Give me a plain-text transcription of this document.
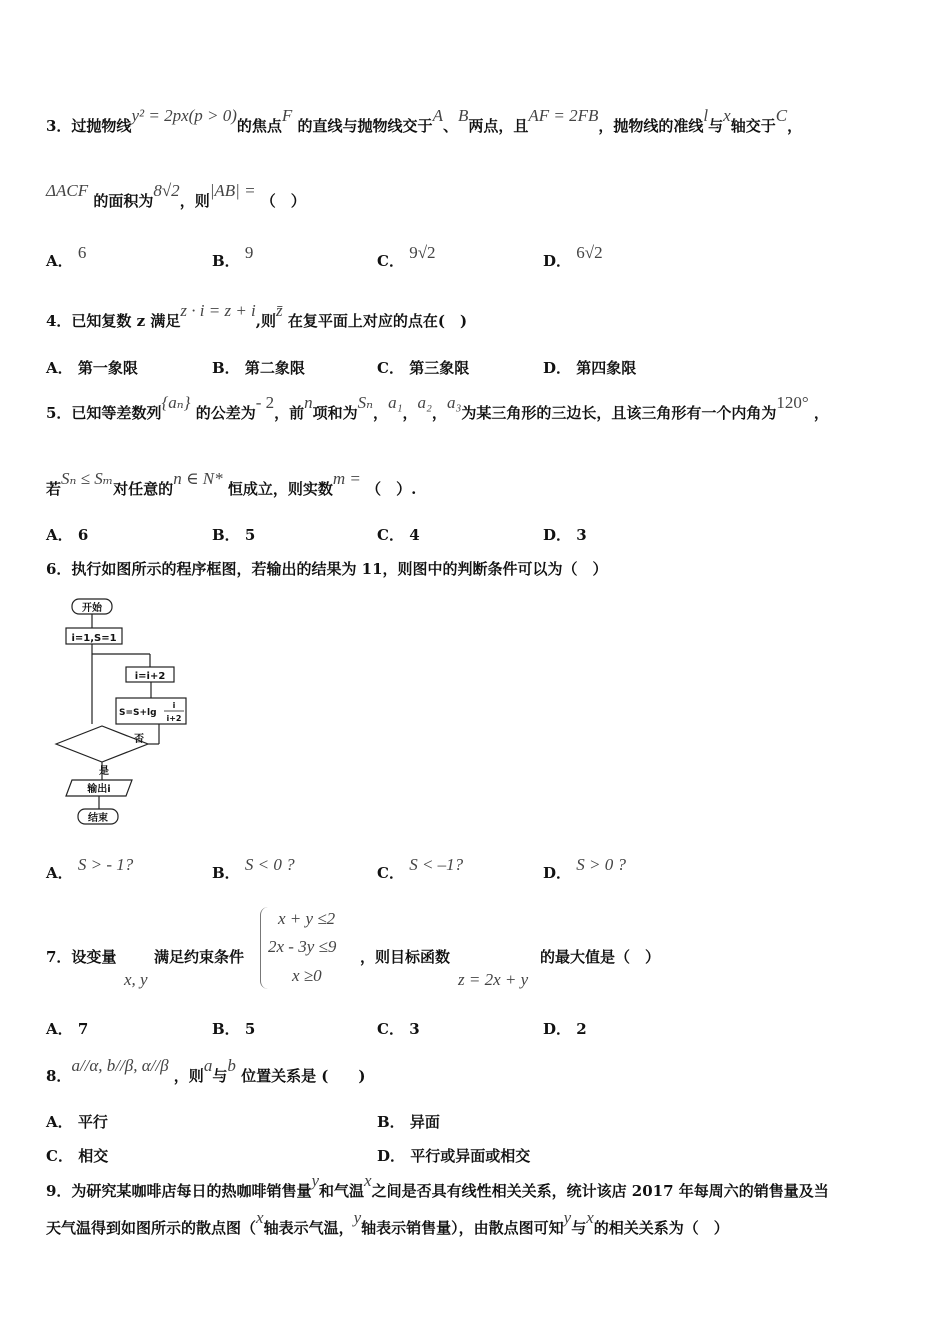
3．过抛物线y² = 2px(p > 0)的焦点F 的直线与抛物线交于A、B两点，且AF = 2FB，抛物线的准线l与x轴交于C，
ΔACF 的面积为8√2，则|AB| = （　）
A． 6	B． 9	C． 9√2	D． 6√2
4．已知复数 z 满足z · i = z + i,则z̄ 在复平面上对应的点在(　)
A． 第一象限	B． 第二象限	C． 第三象限	D． 第四象限
5．已知等差数列{aₙ} 的公差为- 2，前n项和为Sₙ，a₁，a₂，a₃为某三角形的三边长，且该三角形有一个内角为120° ，
若Sₙ ≤ Sₘ对任意的n ∈ N* 恒成立，则实数m = （　）.
A． 6	B． 5	C． 4	D． 3
6．执行如图所示的程序框图，若输出的结果为 11，则图中的判断条件可以为（　）
开始
i=1,S=1
i=i+2
S=S+lg
i
i+2
否
是
输出i
结束
A． S > - 1?	B． S < 0 ?	C． S < –1?	D． S > 0 ?
7．设变量
x, y
满足约束条件
x + y ≤2
2x - 3y ≤9
x ≥0
，则目标函数
z = 2x + y
的最大值是（　）
A． 7	B． 5	C． 3	D． 2
8．a//α, b//β, α//β ，则a与b 位置关系是 (　　)
A． 平行	B． 异面
C． 相交	D． 平行或异面或相交
9．为研究某咖啡店每日的热咖啡销售量y和气温x之间是否具有线性相关关系，统计该店 2017 年每周六的销售量及当
天气温得到如图所示的散点图（x轴表示气温，y轴表示销售量），由散点图可知y与x的相关关系为（　）
